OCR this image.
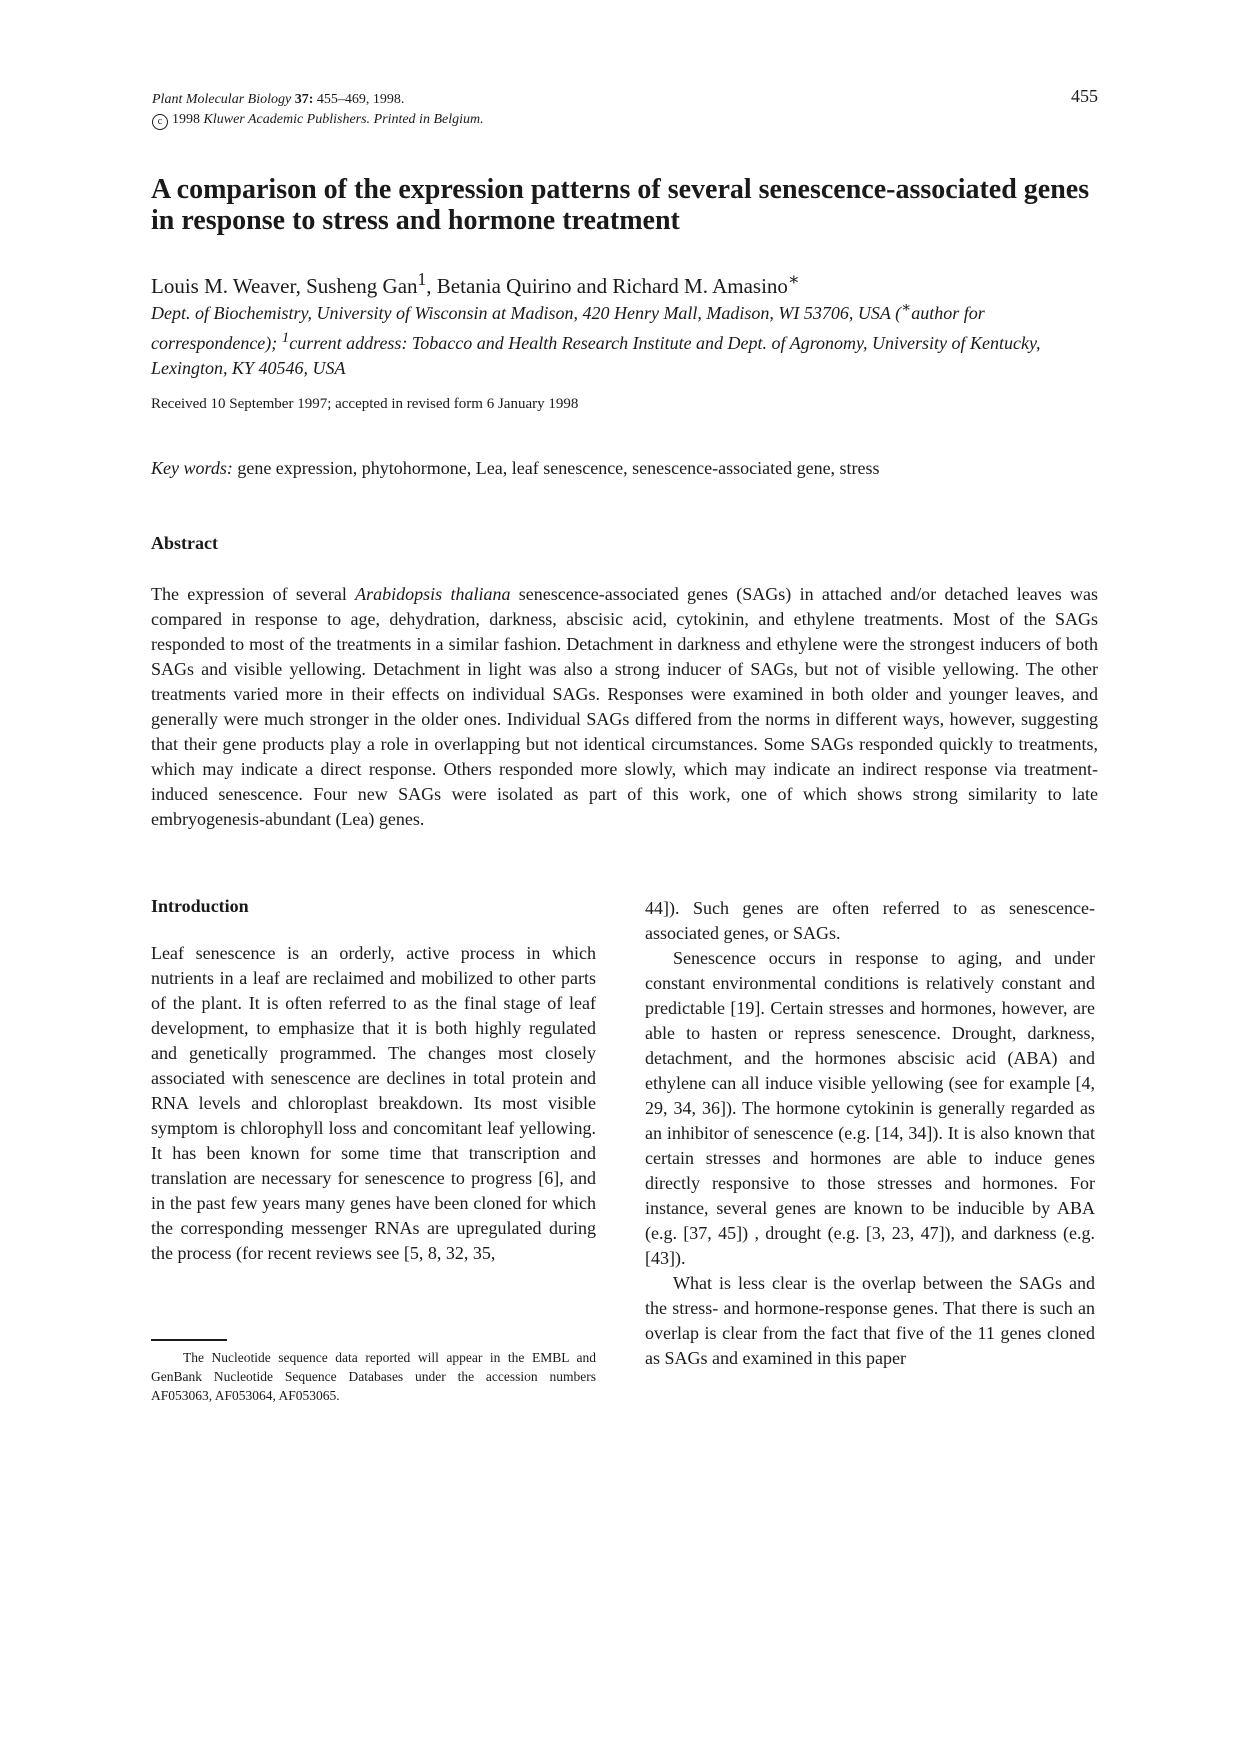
Plant Molecular Biology 37: 455–469, 1998.
c 1998 Kluwer Academic Publishers. Printed in Belgium.
455
A comparison of the expression patterns of several senescence-associated genes in response to stress and hormone treatment
Louis M. Weaver, Susheng Gan$^1$, Betania Quirino and Richard M. Amasino∗

Dept. of Biochemistry, University of Wisconsin at Madison, 420 Henry Mall, Madison, WI 53706, USA (∗author for correspondence); $^1$current address: Tobacco and Health Research Institute and Dept. of Agronomy, University of Kentucky, Lexington, KY 40546, USA

Received 10 September 1997; accepted in revised form 6 January 1998
Key words: gene expression, phytohormone, Lea, leaf senescence, senescence-associated gene, stress
Abstract

The expression of several Arabidopsis thaliana senescence-associated genes (SAGs) in attached and/or detached leaves was compared in response to age, dehydration, darkness, abscisic acid, cytokinin, and ethylene treatments. Most of the SAGs responded to most of the treatments in a similar fashion. Detachment in darkness and ethylene were the strongest inducers of both SAGs and visible yellowing. Detachment in light was also a strong inducer of SAGs, but not of visible yellowing. The other treatments varied more in their effects on individual SAGs. Responses were examined in both older and younger leaves, and generally were much stronger in the older ones. Individual SAGs differed from the norms in different ways, however, suggesting that their gene products play a role in overlapping but not identical circumstances. Some SAGs responded quickly to treatments, which may indicate a direct response. Others responded more slowly, which may indicate an indirect response via treatment-induced senescence. Four new SAGs were isolated as part of this work, one of which shows strong similarity to late embryogenesis-abundant (Lea) genes.

Introduction

Leaf senescence is an orderly, active process in which nutrients in a leaf are reclaimed and mobilized to other parts of the plant. It is often referred to as the final stage of leaf development, to emphasize that it is both highly regulated and genetically programmed. The changes most closely associated with senescence are declines in total protein and RNA levels and chloroplast breakdown. Its most visible symptom is chlorophyll loss and concomitant leaf yellowing. It has been known for some time that transcription and translation are necessary for senescence to progress [6], and in the past few years many genes have been cloned for which the corresponding messenger RNAs are upregulated during the process (for recent reviews see [5, 8, 32, 35,

44]). Such genes are often referred to as senescence-associated genes, or SAGs.

Senescence occurs in response to aging, and under constant environmental conditions is relatively constant and predictable [19]. Certain stresses and hormones, however, are able to hasten or repress senescence. Drought, darkness, detachment, and the hormones abscisic acid (ABA) and ethylene can all induce visible yellowing (see for example [4, 29, 34, 36]). The hormone cytokinin is generally regarded as an inhibitor of senescence (e.g. [14, 34]). It is also known that certain stresses and hormones are able to induce genes directly responsive to those stresses and hormones. For instance, several genes are known to be inducible by ABA (e.g. [37, 45]) , drought (e.g. [3, 23, 47]), and darkness (e.g. [43]).

What is less clear is the overlap between the SAGs and the stress- and hormone-response genes. That there is such an overlap is clear from the fact that five of the 11 genes cloned as SAGs and examined in this paper

The Nucleotide sequence data reported will appear in the EMBL and GenBank Nucleotide Sequence Databases under the accession numbers AF053063, AF053064, AF053065.
